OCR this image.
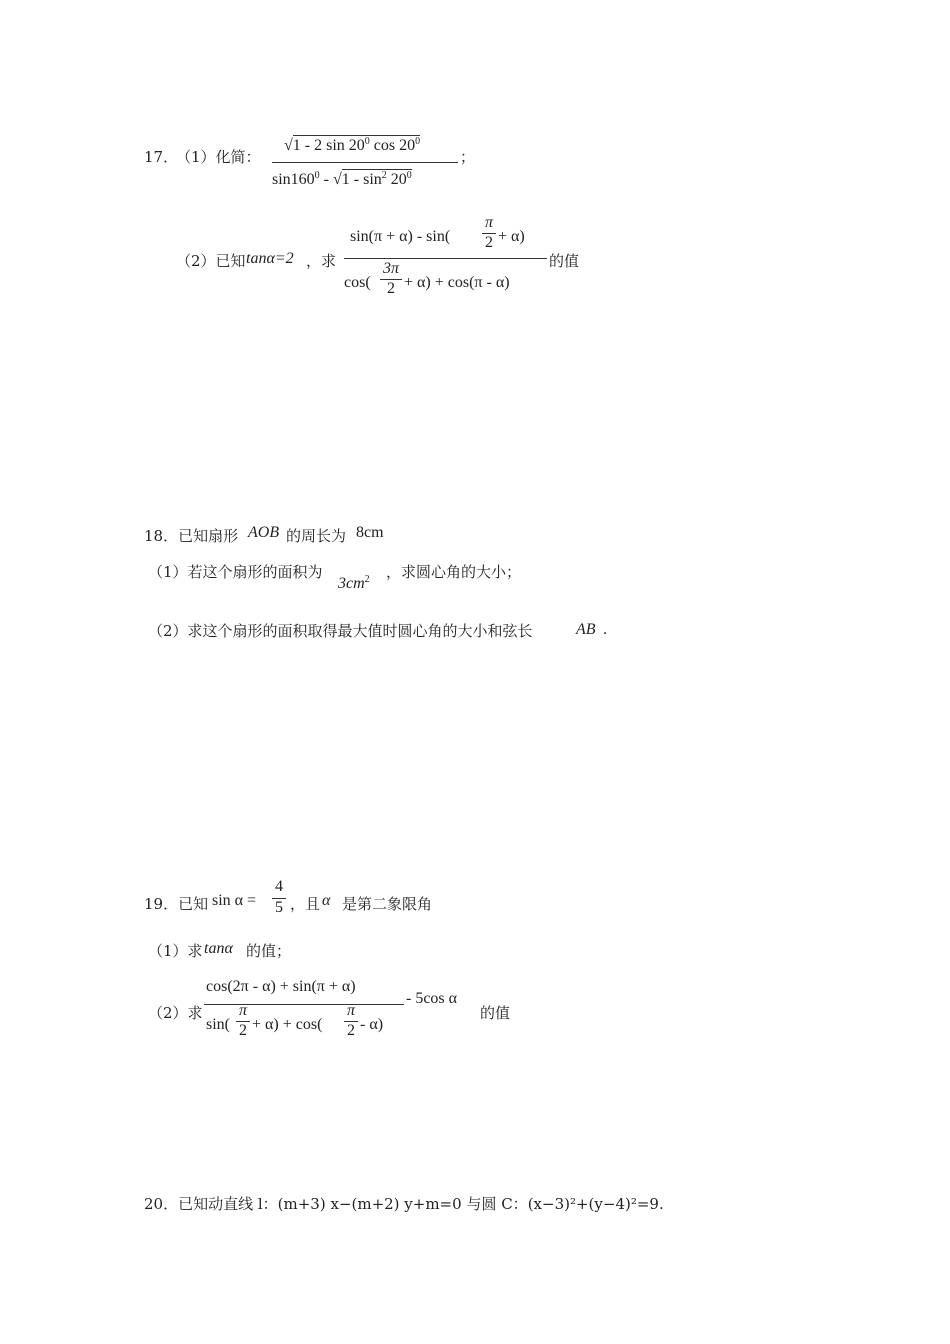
17．
（1）化简：
√1 - 2 $\sin 20^0$ $\cos 20^0$
$\sin 160^0 - √1 - \sin^2 20^0$
；
（2）已知 tanα=2 ，求
sin(π + α) - sin(
π
2 + α)
cos(
3π
2 + α) + cos(π - α)
的值
18．已知扇形 AOB 的周长为 8cm
（1）若这个扇形的面积为
$3cm^2$ ，求圆心角的大小；
（2）求这个扇形的面积取得最大值时圆心角的大小和弦长	AB .
19．已知 sin α =
4
5 ，且 α 是第二象限角
（1）求 tanα 的值；
（2）求
cos(2π - α) + sin(π + α)
sin(
π
2 + α) + cos(
π
2 - α)
- 5cos α
的值
20．已知动直线 l：(m+3) x−(m+2) y+m=0 与圆 C：(x−3)²+(y−4)²=9.
